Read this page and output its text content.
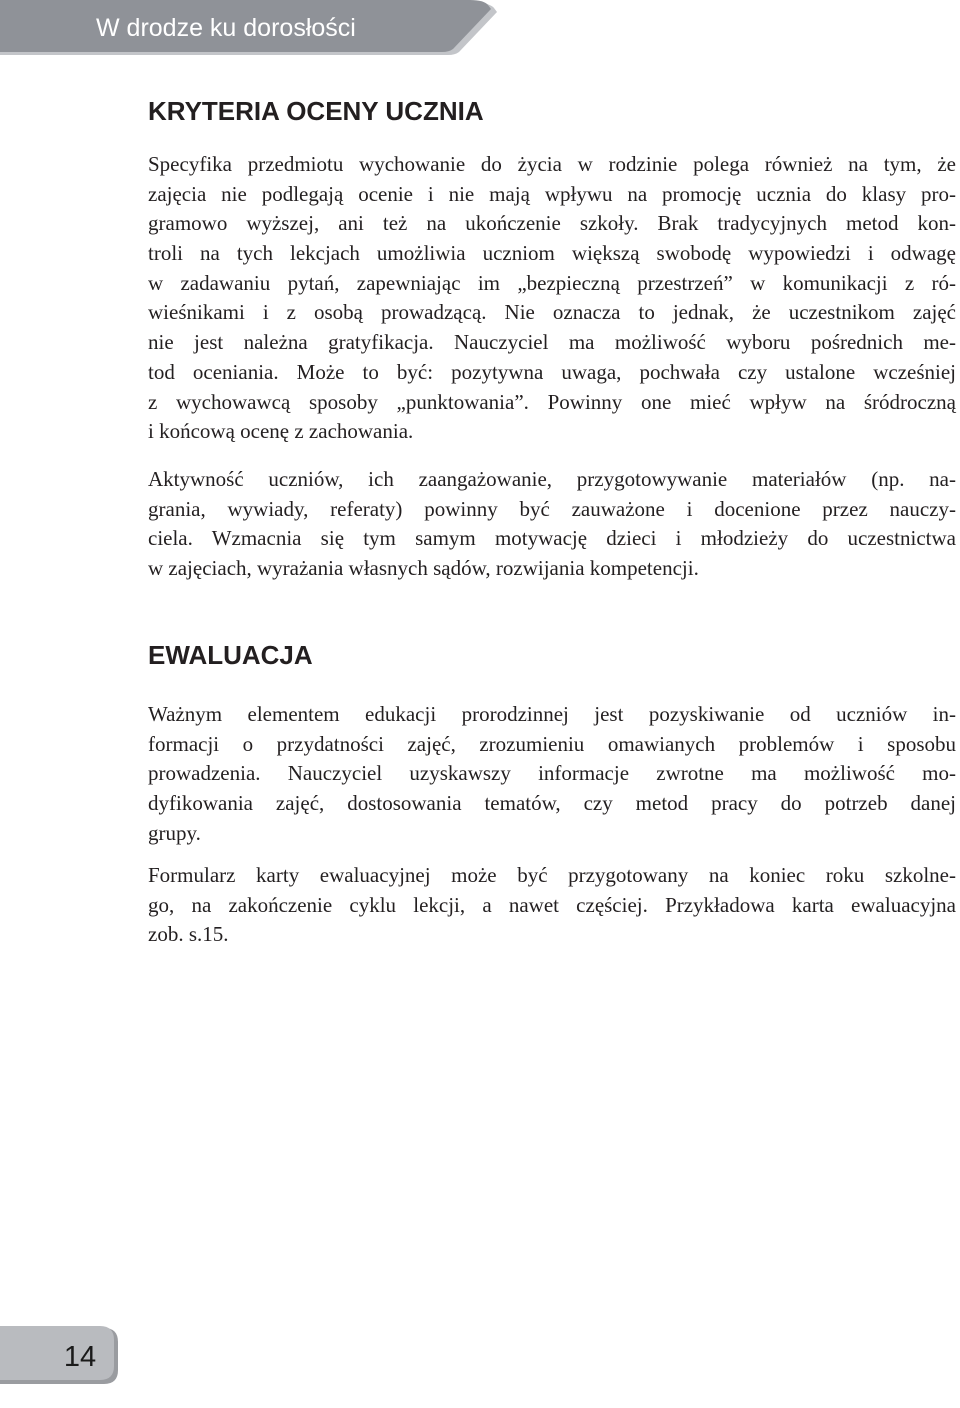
W drodze ku dorosłości
KRYTERIA OCENY UCZNIA
Specyfika przedmiotu wychowanie do życia w rodzinie polega również na tym, że
zajęcia nie podlegają ocenie i nie mają wpływu na promocję ucznia do klasy pro-
gramowo wyższej, ani też na ukończenie szkoły. Brak tradycyjnych metod kon-
troli na tych lekcjach umożliwia uczniom większą swobodę wypowiedzi i odwagę
w zadawaniu pytań, zapewniając im „bezpieczną przestrzeń” w komunikacji z ró-
wieśnikami i z osobą prowadzącą. Nie oznacza to jednak, że uczestnikom zajęć
nie jest należna gratyfikacja. Nauczyciel ma możliwość wyboru pośrednich me-
tod oceniania. Może to być: pozytywna uwaga, pochwała czy ustalone wcześniej
z wychowawcą sposoby „punktowania”. Powinny one mieć wpływ na śródroczną
i końcową ocenę z zachowania.
Aktywność uczniów, ich zaangażowanie, przygotowywanie materiałów (np. na-
grania, wywiady, referaty) powinny być zauważone i docenione przez nauczy-
ciela. Wzmacnia się tym samym motywację dzieci i młodzieży do uczestnictwa
w zajęciach, wyrażania własnych sądów, rozwijania kompetencji.
EWALUACJA
Ważnym elementem edukacji prorodzinnej jest pozyskiwanie od uczniów in-
formacji o przydatności zajęć, zrozumieniu omawianych problemów i sposobu
prowadzenia. Nauczyciel uzyskawszy informacje zwrotne ma możliwość mo-
dyfikowania zajęć, dostosowania tematów, czy metod pracy do potrzeb danej
grupy.
Formularz karty ewaluacyjnej może być przygotowany na koniec roku szkolne-
go, na zakończenie cyklu lekcji, a nawet częściej. Przykładowa karta ewaluacyjna
zob. s.15.
14
